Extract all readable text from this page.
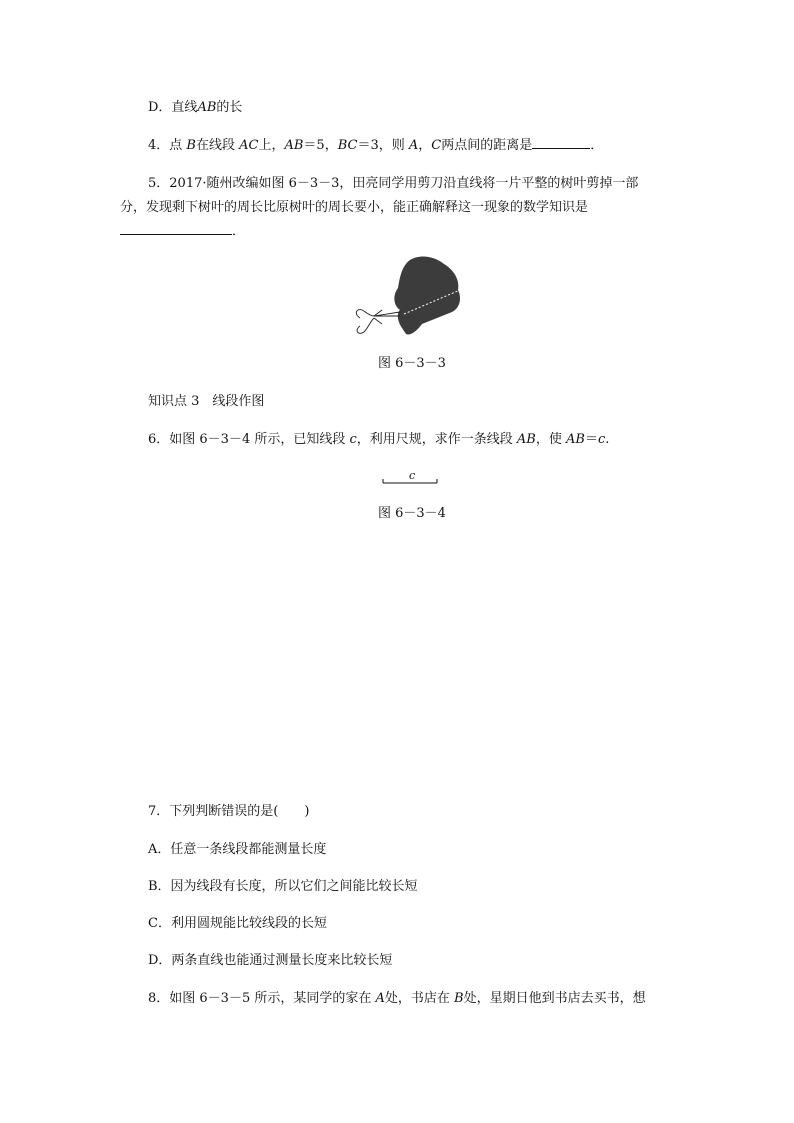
D．直线AB的长
4．点 B在线段 AC上，AB＝5，BC＝3，则 A，C两点间的距离是	．
5．2017·随州改编如图 6－3－3，田亮同学用剪刀沿直线将一片平整的树叶剪掉一部
分，发现剩下树叶的周长比原树叶的周长要小，能正确解释这一现象的数学知识是
．
图 6－3－3
知识点 3　线段作图
6．如图 6－3－4 所示，已知线段 c，利用尺规，求作一条线段 AB，使 AB＝c.
c
图 6－3－4
7．下列判断错误的是(　　)
A．任意一条线段都能测量长度
B．因为线段有长度，所以它们之间能比较长短
C．利用圆规能比较线段的长短
D．两条直线也能通过测量长度来比较长短
8．如图 6－3－5 所示，某同学的家在 A处，书店在 B处，星期日他到书店去买书，想
